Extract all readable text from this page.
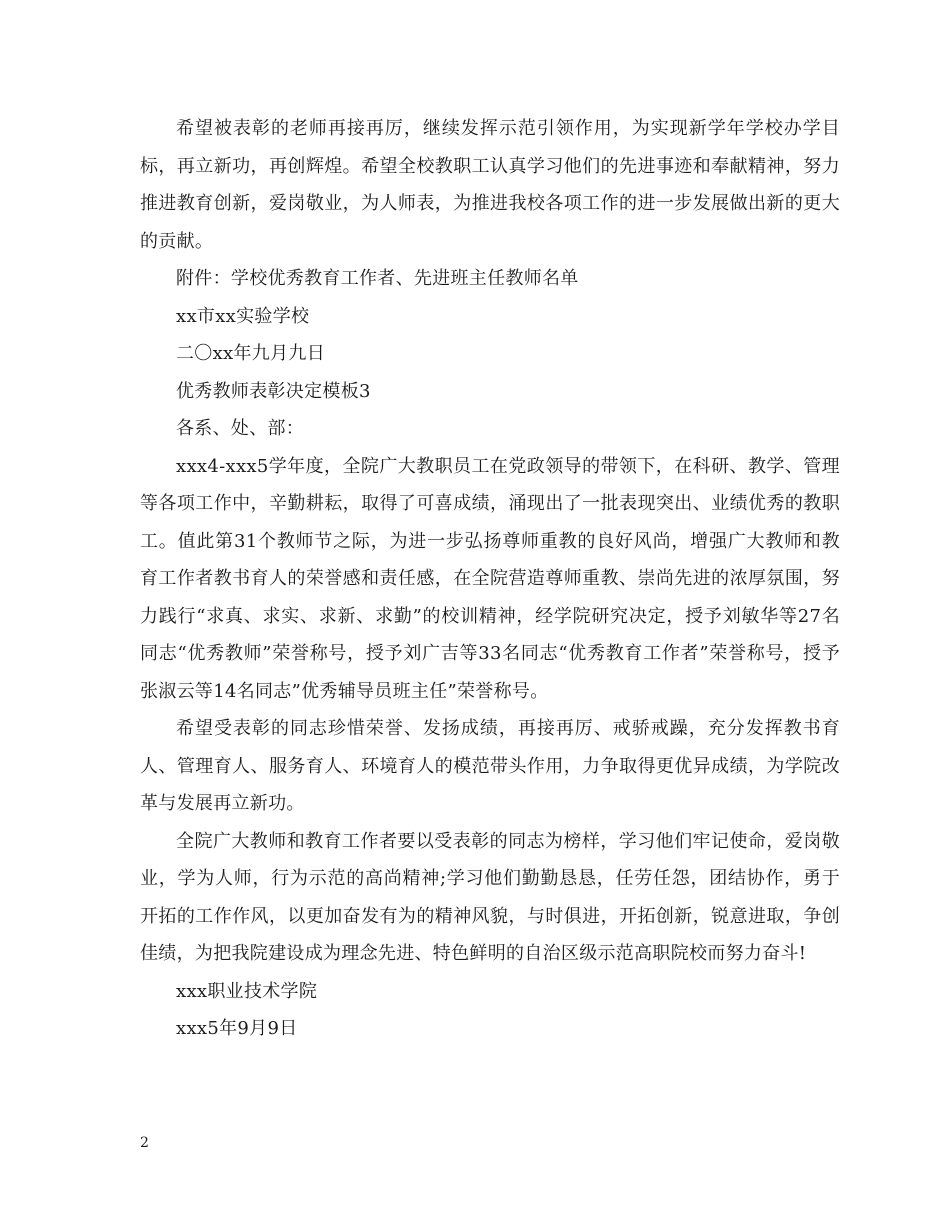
希望被表彰的老师再接再厉，继续发挥示范引领作用，为实现新学年学校办学目标，再立新功，再创辉煌。希望全校教职工认真学习他们的先进事迹和奉献精神，努力推进教育创新，爱岗敬业，为人师表，为推进我校各项工作的进一步发展做出新的更大的贡献。

附件：学校优秀教育工作者、先进班主任教师名单

xx市xx实验学校

二〇xx年九月九日

优秀教师表彰决定模板3

各系、处、部：

xxx4-xxx5学年度，全院广大教职员工在党政领导的带领下，在科研、教学、管理等各项工作中，辛勤耕耘，取得了可喜成绩，涌现出了一批表现突出、业绩优秀的教职工。值此第31个教师节之际，为进一步弘扬尊师重教的良好风尚，增强广大教师和教育工作者教书育人的荣誉感和责任感，在全院营造尊师重教、崇尚先进的浓厚氛围，努力践行“求真、求实、求新、求勤”的校训精神，经学院研究决定，授予刘敏华等27名同志“优秀教师”荣誉称号，授予刘广吉等33名同志“优秀教育工作者”荣誉称号，授予张淑云等14名同志”优秀辅导员班主任”荣誉称号。

希望受表彰的同志珍惜荣誉、发扬成绩，再接再厉、戒骄戒躁，充分发挥教书育人、管理育人、服务育人、环境育人的模范带头作用，力争取得更优异成绩，为学院改革与发展再立新功。

全院广大教师和教育工作者要以受表彰的同志为榜样，学习他们牢记使命，爱岗敬业，学为人师，行为示范的高尚精神;学习他们勤勤恳恳，任劳任怨，团结协作，勇于开拓的工作作风，以更加奋发有为的精神风貌，与时俱进，开拓创新，锐意进取，争创佳绩，为把我院建设成为理念先进、特色鲜明的自治区级示范高职院校而努力奋斗!

xxx职业技术学院

xxx5年9月9日

2
